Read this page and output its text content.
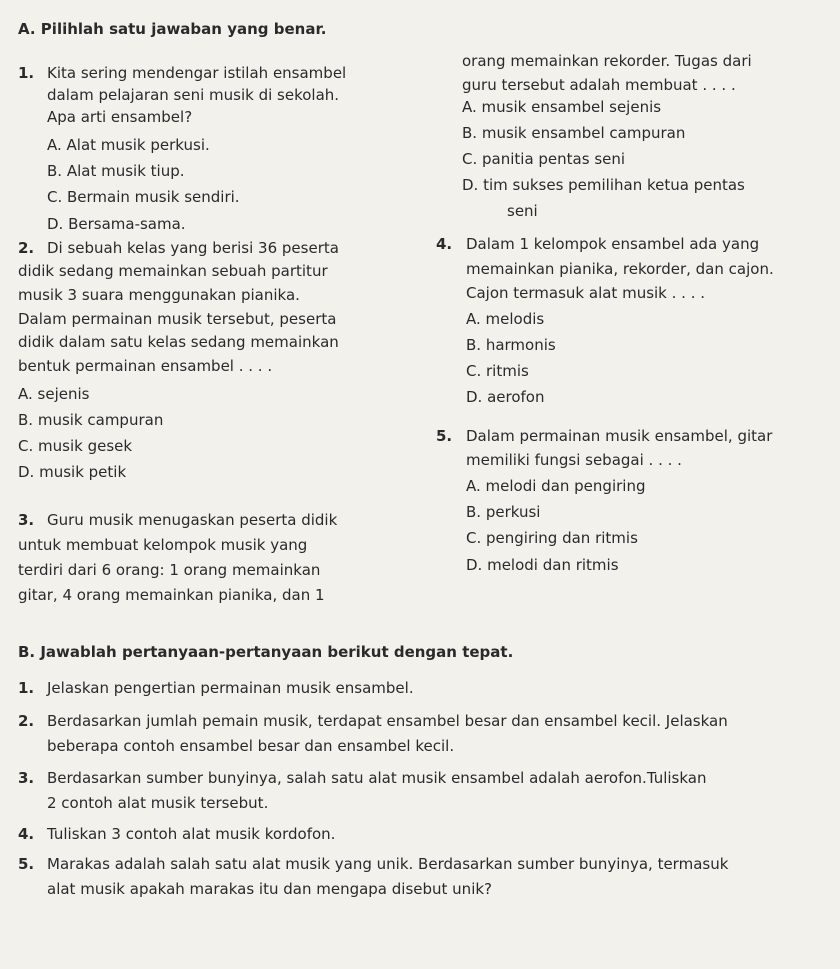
A. Pilihlah satu jawaban yang benar.
1. Kita sering mendengar istilah ensambel
dalam pelajaran seni musik di sekolah.
Apa arti ensambel?
A. Alat musik perkusi.
B. Alat musik tiup.
C. Bermain musik sendiri.
D. Bersama-sama.
orang memainkan rekorder. Tugas dari
guru tersebut adalah membuat . . . .
A. musik ensambel sejenis
B. musik ensambel campuran
C. panitia pentas seni
D. tim sukses pemilihan ketua pentas
seni
2. Di sebuah kelas yang berisi 36 peserta
didik sedang memainkan sebuah partitur
musik 3 suara menggunakan pianika.
Dalam permainan musik tersebut, peserta
didik dalam satu kelas sedang memainkan
bentuk permainan ensambel . . . .
A. sejenis
B. musik campuran
C. musik gesek
D. musik petik
4. Dalam 1 kelompok ensambel ada yang
memainkan pianika, rekorder, dan cajon.
Cajon termasuk alat musik . . . .
A. melodis
B. harmonis
C. ritmis
D. aerofon
5. Dalam permainan musik ensambel, gitar
memiliki fungsi sebagai . . . .
A. melodi dan pengiring
B. perkusi
C. pengiring dan ritmis
D. melodi dan ritmis
3. Guru musik menugaskan peserta didik
untuk membuat kelompok musik yang
terdiri dari 6 orang: 1 orang memainkan
gitar, 4 orang memainkan pianika, dan 1
B. Jawablah pertanyaan-pertanyaan berikut dengan tepat.
1. Jelaskan pengertian permainan musik ensambel.
2. Berdasarkan jumlah pemain musik, terdapat ensambel besar dan ensambel kecil. Jelaskan
beberapa contoh ensambel besar dan ensambel kecil.
3. Berdasarkan sumber bunyinya, salah satu alat musik ensambel adalah aerofon.Tuliskan
2 contoh alat musik tersebut.
4. Tuliskan 3 contoh alat musik kordofon.
5. Marakas adalah salah satu alat musik yang unik. Berdasarkan sumber bunyinya, termasuk
alat musik apakah marakas itu dan mengapa disebut unik?
